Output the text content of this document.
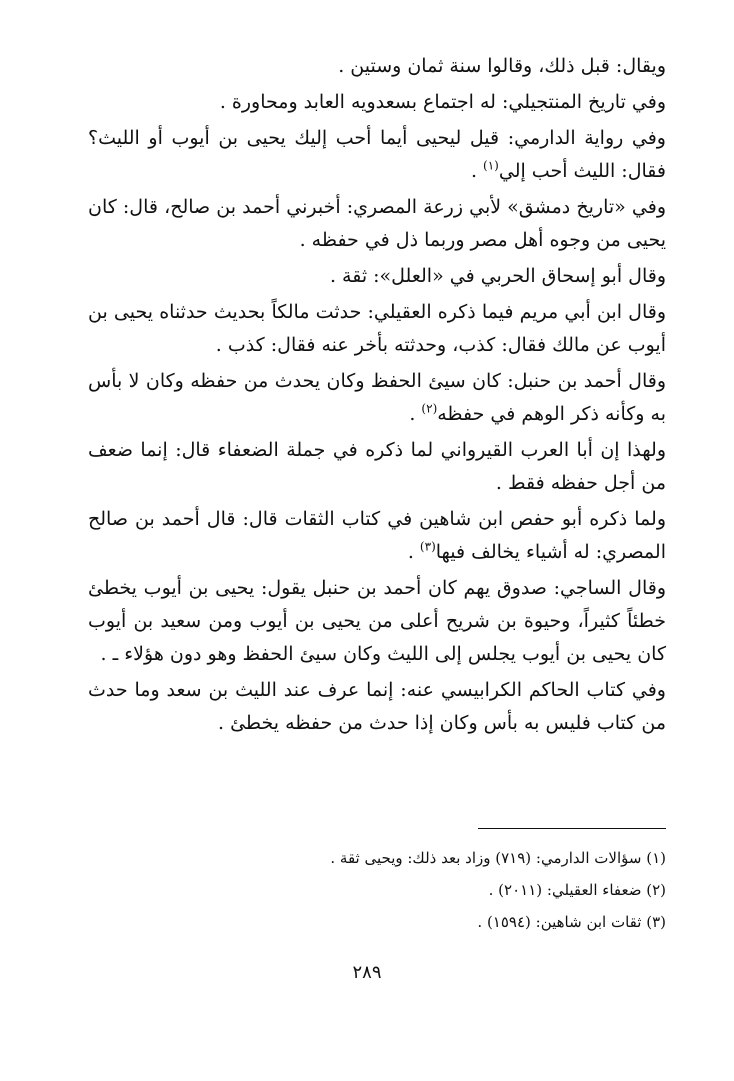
ويقال: قبل ذلك، وقالوا سنة ثمان وستين .

وفي تاريخ المنتجيلي: له اجتماع بسعدويه العابد ومحاورة .

وفي رواية الدارمي: قيل ليحيى أيما أحب إليك يحيى بن أيوب أو الليث؟ فقال: الليث أحب إلي$^{(١)}$ .

وفي «تاريخ دمشق» لأبي زرعة المصري: أخبرني أحمد بن صالح، قال: كان يحيى من وجوه أهل مصر وربما ذل في حفظه .

وقال أبو إسحاق الحربي في «العلل»: ثقة .

وقال ابن أبي مريم فيما ذكره العقيلي: حدثت مالكاً بحديث حدثناه يحيى بن أيوب عن مالك فقال: كذب، وحدثته بأخر عنه فقال: كذب .

وقال أحمد بن حنبل: كان سيئ الحفظ وكان يحدث من حفظه وكان لا بأس به وكأنه ذكر الوهم في حفظه$^{(٢)}$ .

ولهذا إن أبا العرب القيرواني لما ذكره في جملة الضعفاء قال: إنما ضعف من أجل حفظه فقط .

ولما ذكره أبو حفص ابن شاهين في كتاب الثقات قال: قال أحمد بن صالح المصري: له أشياء يخالف فيها$^{(٣)}$ .

وقال الساجي: صدوق يهم كان أحمد بن حنبل يقول: يحيى بن أيوب يخطئ خطئاً كثيراً، وحيوة بن شريح أعلى من يحيى بن أيوب ومن سعيد بن أيوب كان يحيى بن أيوب يجلس إلى الليث وكان سيئ الحفظ وهو دون هؤلاء ـ .

وفي كتاب الحاكم الكرابيسي عنه: إنما عرف عند الليث بن سعد وما حدث من كتاب فليس به بأس وكان إذا حدث من حفظه يخطئ .

(١) سؤالات الدارمي: (٧١٩) وزاد بعد ذلك: ويحيى ثقة .

(٢) ضعفاء العقيلي: (٢٠١١) .

(٣) ثقات ابن شاهين: (١٥٩٤) .

٢٨٩
